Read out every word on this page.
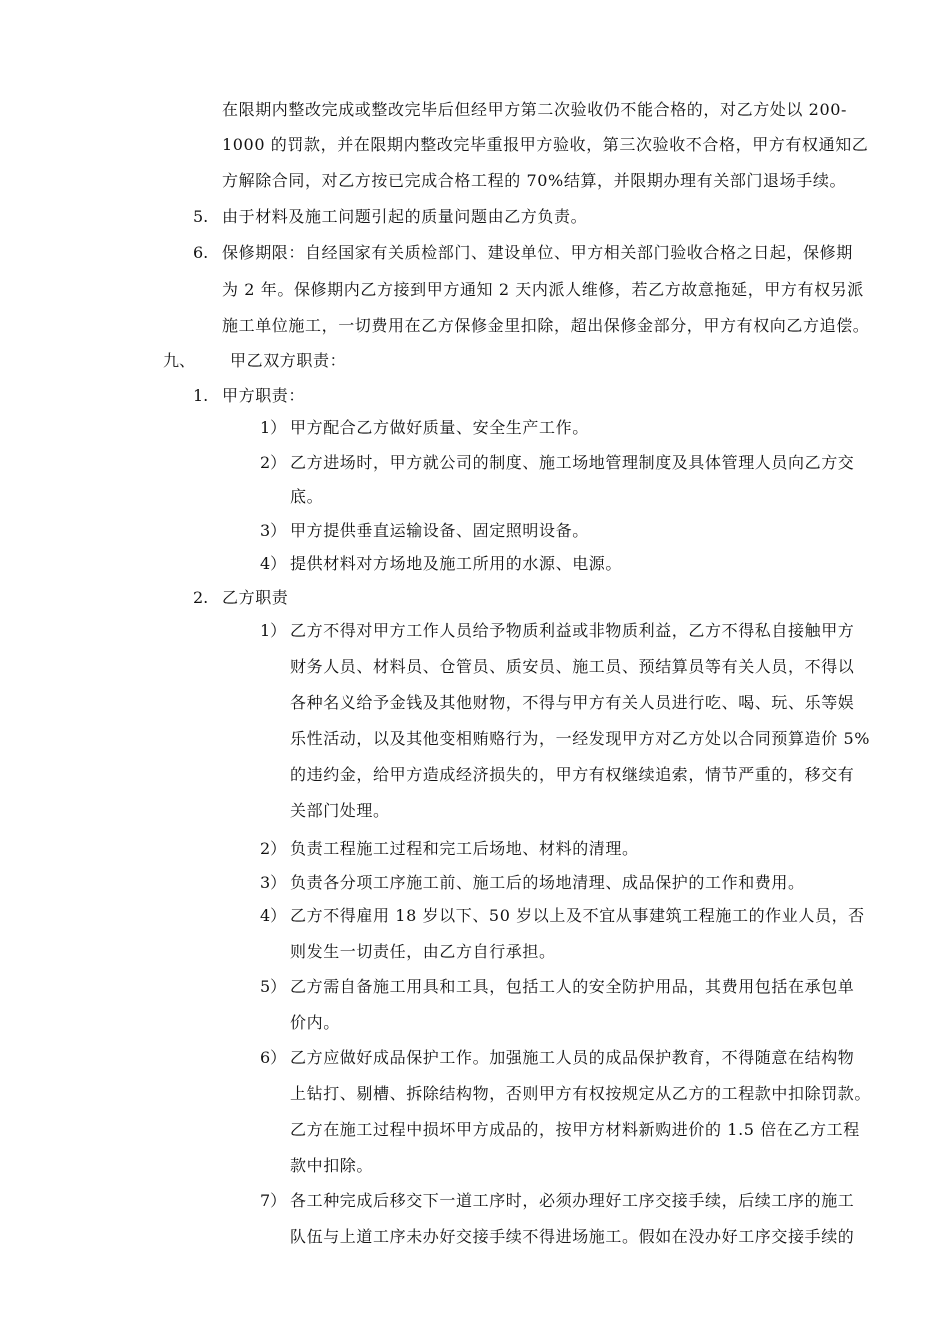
在限期内整改完成或整改完毕后但经甲方第二次验收仍不能合格的，对乙方处以 200-
1000 的罚款，并在限期内整改完毕重报甲方验收，第三次验收不合格，甲方有权通知乙
方解除合同，对乙方按已完成合格工程的 70%结算，并限期办理有关部门退场手续。
5. 由于材料及施工问题引起的质量问题由乙方负责。
6. 保修期限：自经国家有关质检部门、建设单位、甲方相关部门验收合格之日起，保修期
为 2 年。保修期内乙方接到甲方通知 2 天内派人维修，若乙方故意拖延，甲方有权另派
施工单位施工，一切费用在乙方保修金里扣除，超出保修金部分，甲方有权向乙方追偿。
九、 甲乙双方职责：
1. 甲方职责：
1） 甲方配合乙方做好质量、安全生产工作。
2） 乙方进场时，甲方就公司的制度、施工场地管理制度及具体管理人员向乙方交
底。
3） 甲方提供垂直运输设备、固定照明设备。
4） 提供材料对方场地及施工所用的水源、电源。
2. 乙方职责
1） 乙方不得对甲方工作人员给予物质利益或非物质利益，乙方不得私自接触甲方
财务人员、材料员、仓管员、质安员、施工员、预结算员等有关人员，不得以
各种名义给予金钱及其他财物，不得与甲方有关人员进行吃、喝、玩、乐等娱
乐性活动，以及其他变相贿赂行为，一经发现甲方对乙方处以合同预算造价 5%
的违约金，给甲方造成经济损失的，甲方有权继续追索，情节严重的，移交有
关部门处理。
2） 负责工程施工过程和完工后场地、材料的清理。
3） 负责各分项工序施工前、施工后的场地清理、成品保护的工作和费用。
4） 乙方不得雇用 18 岁以下、50 岁以上及不宜从事建筑工程施工的作业人员，否
则发生一切责任，由乙方自行承担。
5） 乙方需自备施工用具和工具，包括工人的安全防护用品，其费用包括在承包单
价内。
6） 乙方应做好成品保护工作。加强施工人员的成品保护教育，不得随意在结构物
上钻打、剔槽、拆除结构物，否则甲方有权按规定从乙方的工程款中扣除罚款。
乙方在施工过程中损坏甲方成品的，按甲方材料新购进价的 1.5 倍在乙方工程
款中扣除。
7） 各工种完成后移交下一道工序时，必须办理好工序交接手续，后续工序的施工
队伍与上道工序未办好交接手续不得进场施工。假如在没办好工序交接手续的
